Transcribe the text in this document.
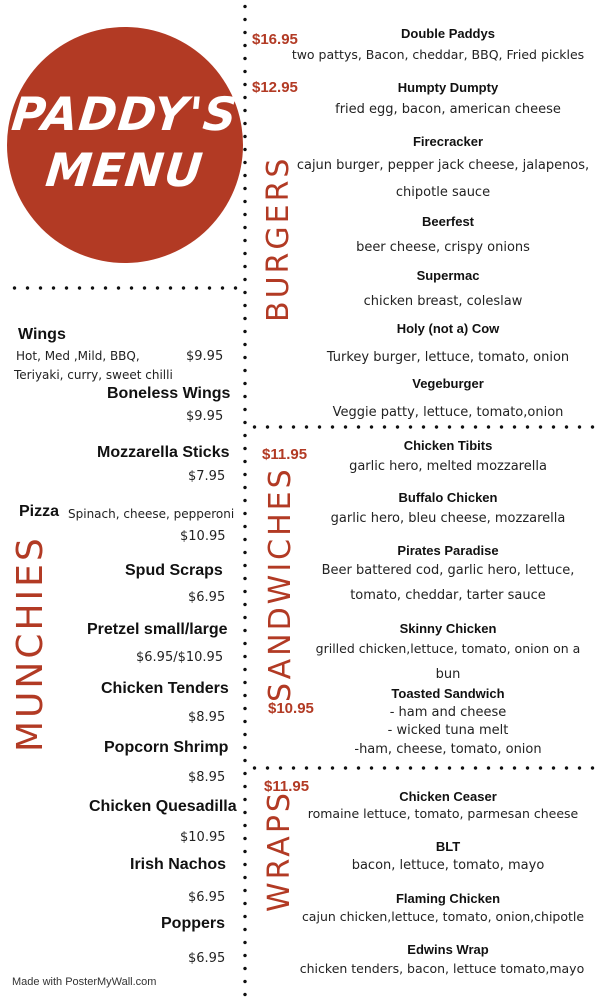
PADDY'S
MENU BURGERS
SANDWICHES
WRAPS
MUNCHIES
$16.95
$12.95
Double Paddys
two pattys, Bacon, cheddar, BBQ, Fried pickles
Humpty Dumpty
fried egg, bacon, american cheese
Firecracker
cajun burger, pepper jack cheese, jalapenos,
chipotle sauce
Beerfest
beer cheese, crispy onions
Supermac
chicken breast, coleslaw
Holy (not a) Cow
Turkey burger, lettuce, tomato, onion
Vegeburger
Veggie patty, lettuce, tomato,onion
$11.95
$10.95
Chicken Tibits
garlic hero, melted mozzarella
Buffalo Chicken
garlic hero, bleu cheese, mozzarella
Pirates Paradise
Beer battered cod, garlic hero, lettuce,
tomato, cheddar, tarter sauce
Skinny Chicken
grilled chicken,lettuce, tomato, onion on a
bun
Toasted Sandwich
- ham and cheese
- wicked tuna melt
-ham, cheese, tomato, onion
$11.95
Chicken Ceaser
romaine lettuce, tomato, parmesan cheese
BLT
bacon, lettuce, tomato, mayo
Flaming Chicken
cajun chicken,lettuce, tomato, onion,chipotle
Edwins Wrap
chicken tenders, bacon, lettuce tomato,mayo
Wings
Hot, Med ,Mild, BBQ,
Teriyaki, curry, sweet chilli
$9.95
Boneless Wings
$9.95
Mozzarella Sticks
$7.95
Pizza Spinach, cheese, pepperoni
$10.95
Spud Scraps
$6.95
Pretzel small/large
$6.95/$10.95
Chicken Tenders
$8.95
Popcorn Shrimp
$8.95
Chicken Quesadilla
$10.95
Irish Nachos
$6.95
Poppers
$6.95
Made with PosterMyWall.com
